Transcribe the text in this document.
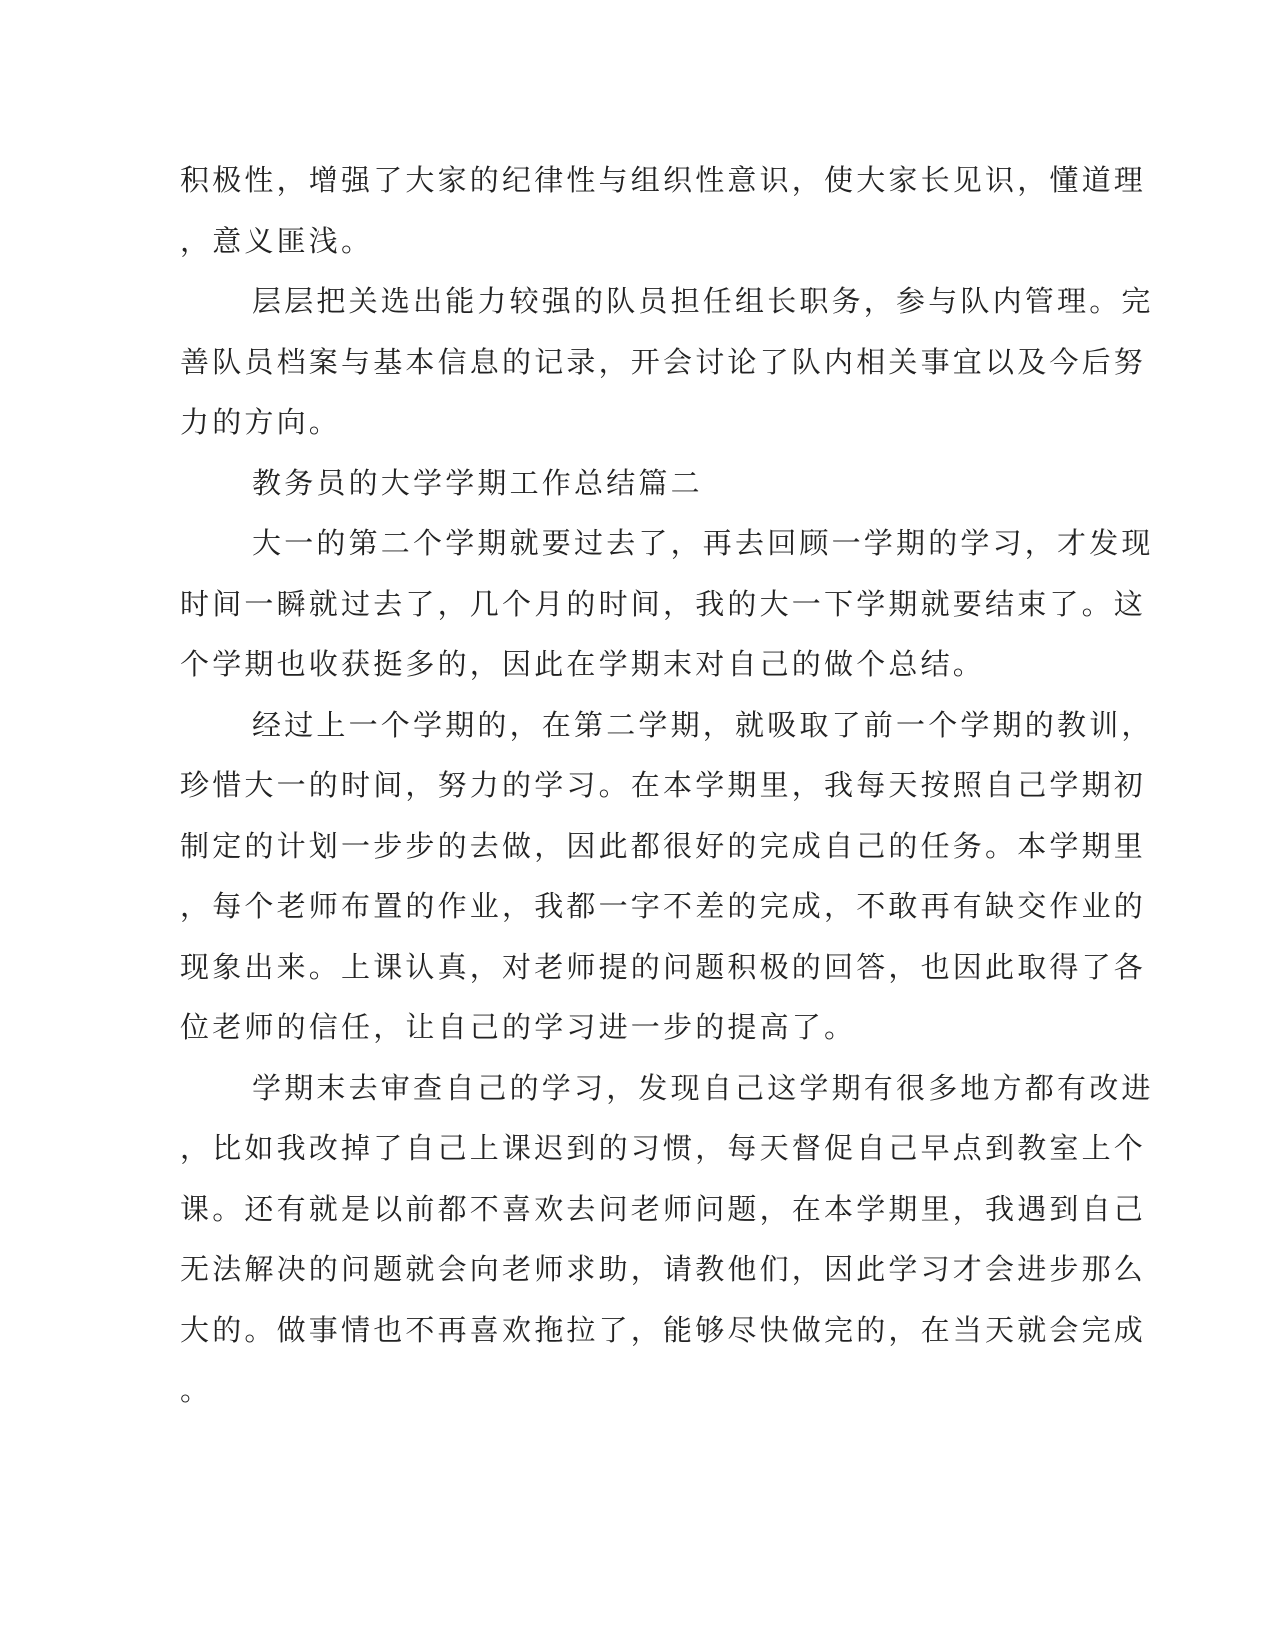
积极性，增强了大家的纪律性与组织性意识，使大家长见识，懂道理
，意义匪浅。
层层把关选出能力较强的队员担任组长职务，参与队内管理。完
善队员档案与基本信息的记录，开会讨论了队内相关事宜以及今后努
力的方向。
教务员的大学学期工作总结篇二
大一的第二个学期就要过去了，再去回顾一学期的学习，才发现
时间一瞬就过去了，几个月的时间，我的大一下学期就要结束了。这
个学期也收获挺多的，因此在学期末对自己的做个总结。
经过上一个学期的，在第二学期，就吸取了前一个学期的教训，
珍惜大一的时间，努力的学习。在本学期里，我每天按照自己学期初
制定的计划一步步的去做，因此都很好的完成自己的任务。本学期里
，每个老师布置的作业，我都一字不差的完成，不敢再有缺交作业的
现象出来。上课认真，对老师提的问题积极的回答，也因此取得了各
位老师的信任，让自己的学习进一步的提高了。
学期末去审查自己的学习，发现自己这学期有很多地方都有改进
，比如我改掉了自己上课迟到的习惯，每天督促自己早点到教室上个
课。还有就是以前都不喜欢去问老师问题，在本学期里，我遇到自己
无法解决的问题就会向老师求助，请教他们，因此学习才会进步那么
大的。做事情也不再喜欢拖拉了，能够尽快做完的，在当天就会完成
。
